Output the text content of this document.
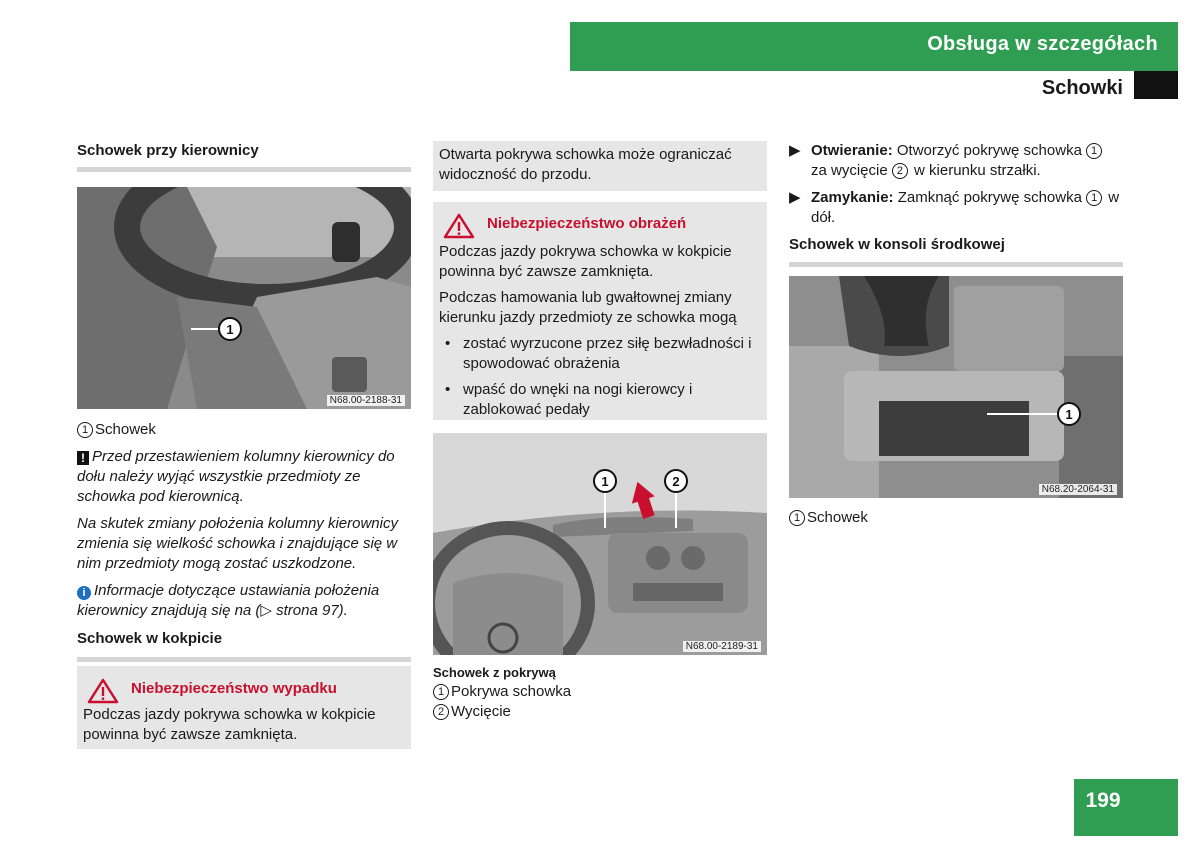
Obsługa w szczegółach
Schowki

Schowek przy kierownicy

1
N68.00-2188-31

1 Schowek

! Przed przestawieniem kolumny kierownicy do dołu należy wyjąć wszystkie przedmioty ze schowka pod kierownicą.

Na skutek zmiany położenia kolumny kierownicy zmienia się wielkość schowka i znajdujące się w nim przedmioty mogą zostać uszkodzone.

i Informacje dotyczące ustawiania położenia kierownicy znajdują się na (▷ strona 97).

Schowek w kokpicie

Niebezpieczeństwo wypadku

Podczas jazdy pokrywa schowka w kokpicie powinna być zawsze zamknięta.

Otwarta pokrywa schowka może ograniczać widoczność do przodu.

Niebezpieczeństwo obrażeń

Podczas jazdy pokrywa schowka w kokpicie powinna być zawsze zamknięta.

Podczas hamowania lub gwałtownej zmiany kierunku jazdy przedmioty ze schowka mogą

• zostać wyrzucone przez siłę bezwładności i spowodować obrażenia
• wpaść do wnęki na nogi kierowcy i zablokować pedały
1	2
N68.00-2189-31

Schowek z pokrywą

1 Pokrywa schowka

2 Wycięcie

▶ Otwieranie: Otworzyć pokrywę schowka 1 za wycięcie 2 w kierunku strzałki.
▶ Zamykanie: Zamknąć pokrywę schowka 1 w dół.

Schowek w konsoli środkowej

1
N68.20-2064-31

1 Schowek

199
